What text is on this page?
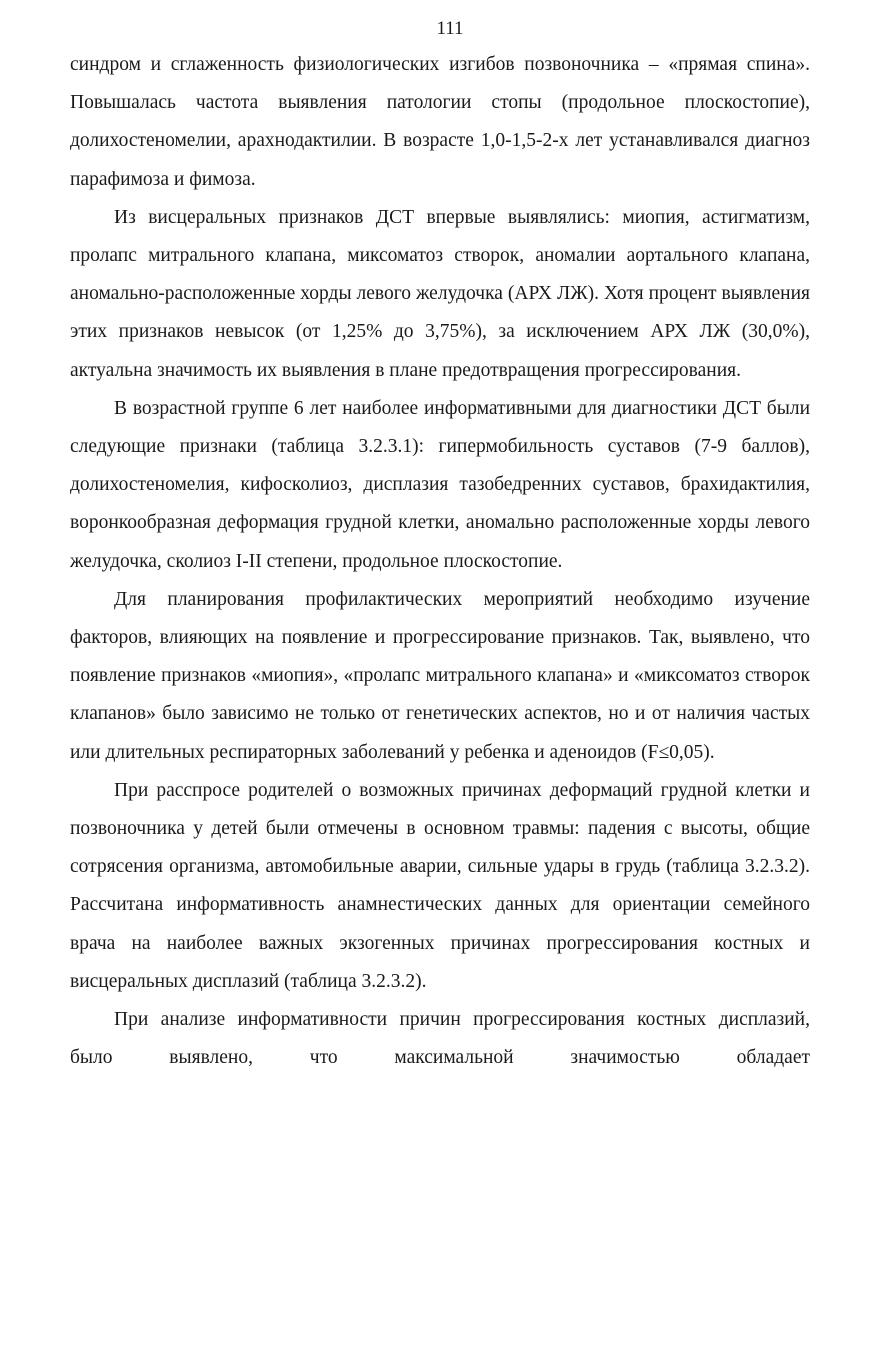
111

синдром и сглаженность физиологических изгибов позвоночника – «прямая спина». Повышалась частота выявления патологии стопы (продольное плоскостопие), долихостеномелии, арахнодактилии. В возрасте 1,0-1,5-2-х лет устанавливался диагноз парафимоза и фимоза.

Из висцеральных признаков ДСТ впервые выявлялись: миопия, астигматизм, пролапс митрального клапана, миксоматоз створок, аномалии аортального клапана, аномально-расположенные хорды левого желудочка (АРХ ЛЖ). Хотя процент выявления этих признаков невысок (от 1,25% до 3,75%), за исключением АРХ ЛЖ (30,0%), актуальна значимость их выявления в плане предотвращения прогрессирования.

В возрастной группе 6 лет наиболее информативными для диагностики ДСТ были следующие признаки (таблица 3.2.3.1): гипермобильность суставов (7-9 баллов), долихостеномелия, кифосколиоз, дисплазия тазобедренних суставов, брахидактилия, воронкообразная деформация грудной клетки, аномально расположенные хорды левого желудочка, сколиоз I-II степени, продольное плоскостопие.

Для планирования профилактических мероприятий необходимо изучение факторов, влияющих на появление и прогрессирование признаков. Так, выявлено, что появление признаков «миопия», «пролапс митрального клапана» и «миксоматоз створок клапанов» было зависимо не только от генетических аспектов, но и от наличия частых или длительных респираторных заболеваний у ребенка и аденоидов (F≤0,05).

При расспросе родителей о возможных причинах деформаций грудной клетки и позвоночника у детей были отмечены в основном травмы: падения с высоты, общие сотрясения организма, автомобильные аварии, сильные удары в грудь (таблица 3.2.3.2). Рассчитана информативность анамнестических данных для ориентации семейного врача на наиболее важных экзогенных причинах прогрессирования костных и висцеральных дисплазий (таблица 3.2.3.2).

При анализе информативности причин прогрессирования костных дисплазий, было выявлено, что максимальной значимостью обладает
